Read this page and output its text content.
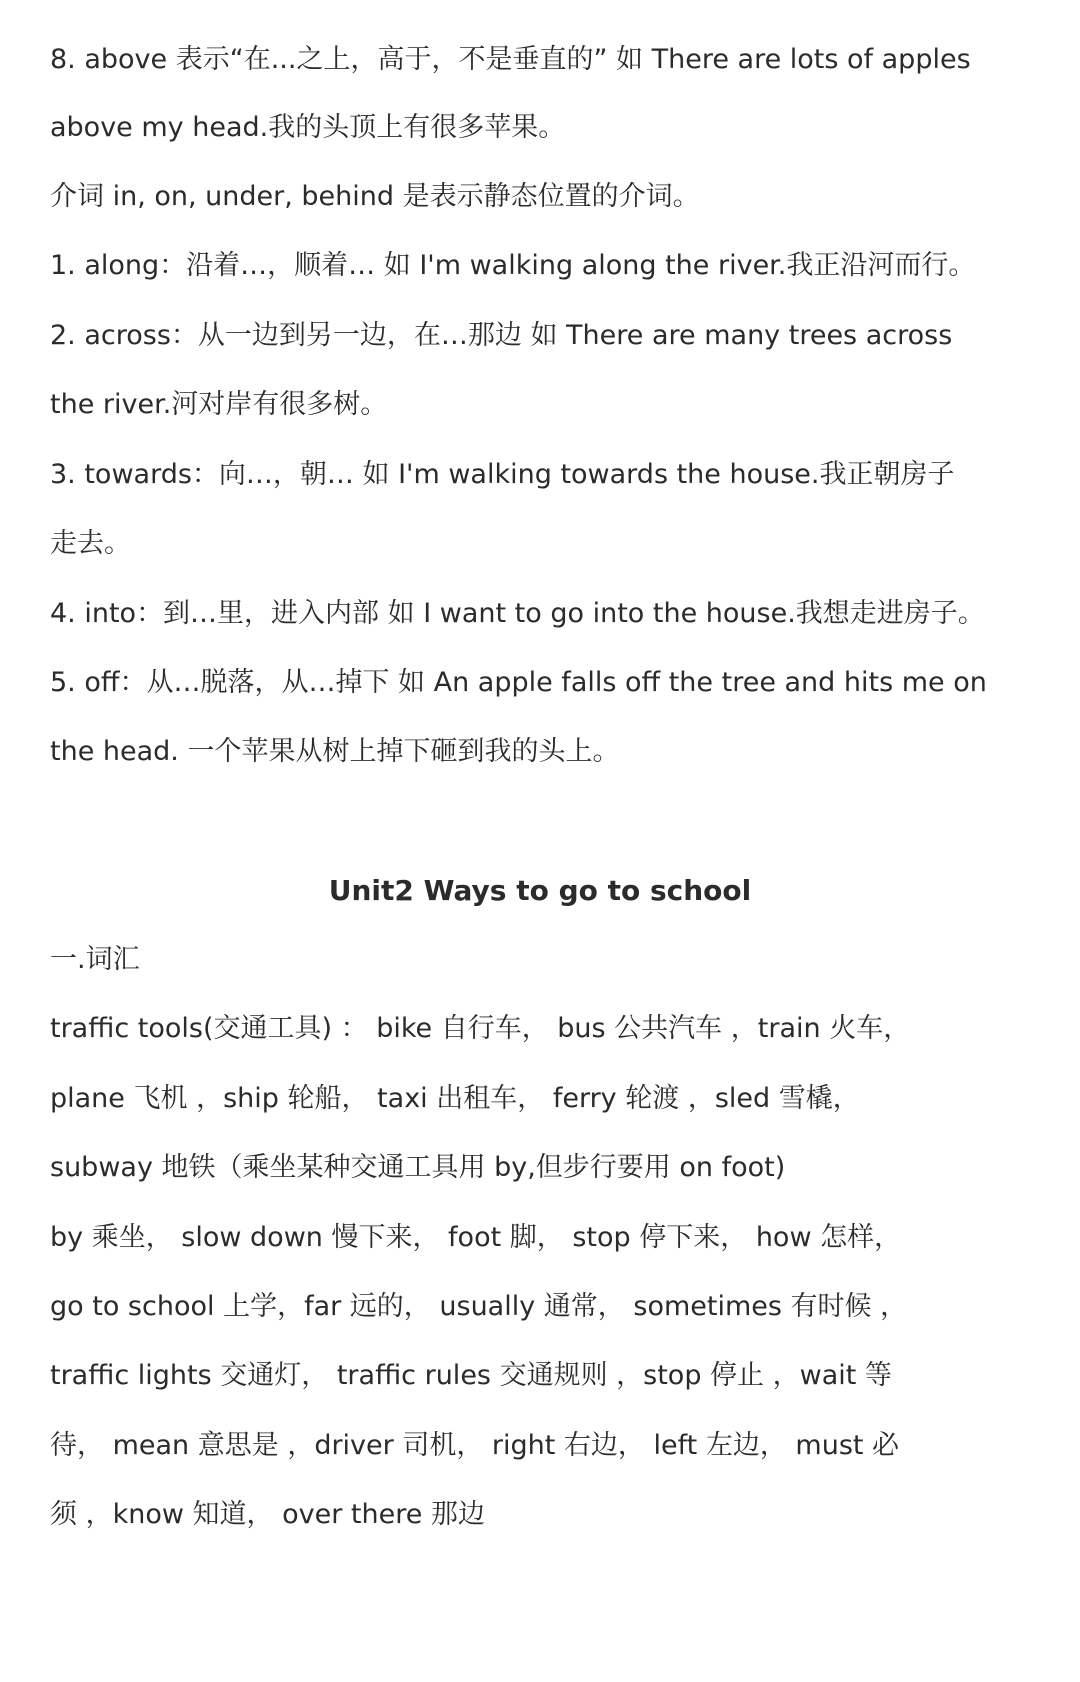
8. above 表示“在...之上，高于，不是垂直的” 如 There are lots of apples
above my head.我的头顶上有很多苹果。
介词 in, on, under, behind 是表示静态位置的介词。
1. along：沿着…，顺着… 如 I'm walking along the river.我正沿河而行。
2. across：从一边到另一边，在…那边 如 There are many trees across
the river.河对岸有很多树。
3. towards：向…，朝… 如 I'm walking towards the house.我正朝房子
走去。
4. into：到…里，进入内部 如 I want to go into the house.我想走进房子。
5. off：从…脱落，从…掉下 如 An apple falls off the tree and hits me on
the head. 一个苹果从树上掉下砸到我的头上。
Unit2 Ways to go to school
一.词汇
traffic tools(交通工具) ： bike 自行车， bus 公共汽车 ，train 火车，
plane 飞机 ，ship 轮船， taxi 出租车， ferry 轮渡 ，sled 雪橇，
subway 地铁（乘坐某种交通工具用 by,但步行要用 on foot)
by 乘坐， slow down 慢下来， foot 脚， stop 停下来， how 怎样，
go to school 上学，far 远的， usually 通常， sometimes 有时候 ，
traffic lights 交通灯， traffic rules 交通规则 ，stop 停止 ，wait 等
待， mean 意思是 ，driver 司机， right 右边， left 左边， must 必
须 ，know 知道， over there 那边
